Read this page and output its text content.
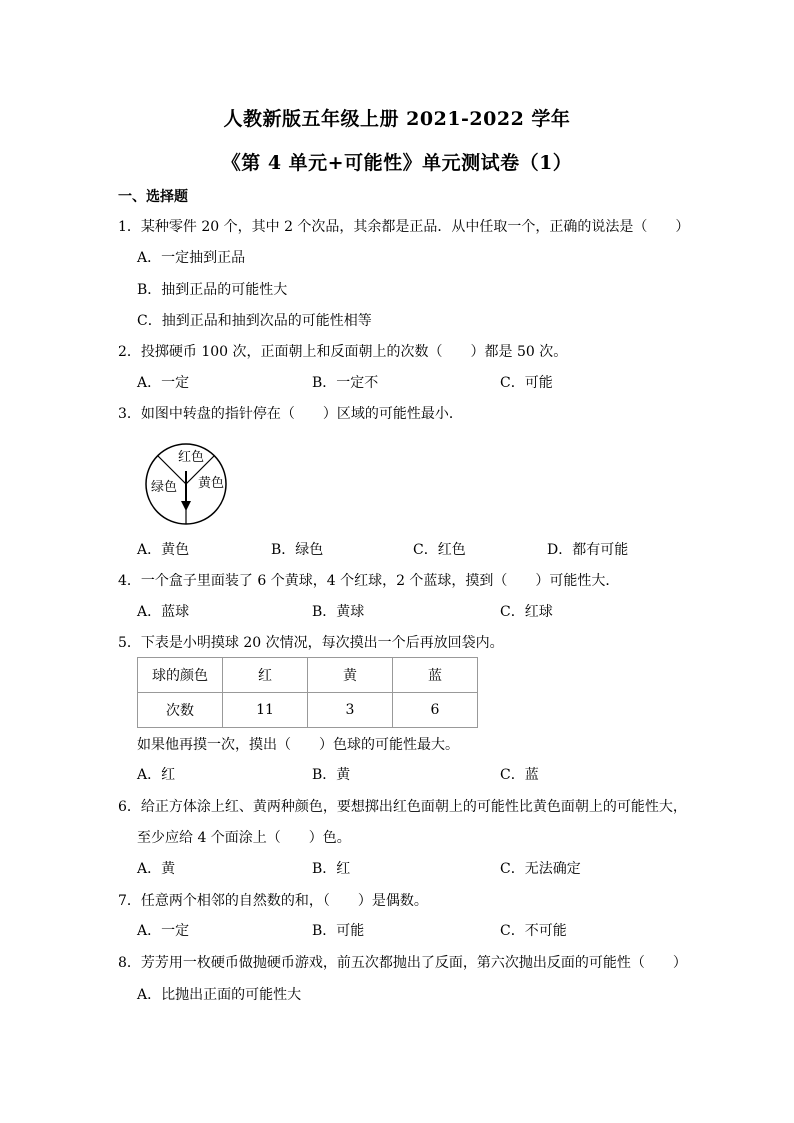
人教新版五年级上册 2021-2022 学年
《第 4 单元+可能性》单元测试卷（1）
一、选择题
1．某种零件 20 个，其中 2 个次品，其余都是正品．从中任取一个，正确的说法是（　　）
A．一定抽到正品
B．抽到正品的可能性大
C．抽到正品和抽到次品的可能性相等
2．投掷硬币 100 次，正面朝上和反面朝上的次数（　　）都是 50 次。
A．一定	B．一定不	C．可能
3．如图中转盘的指针停在（　　）区域的可能性最小．
红色
绿色 黄色
A．黄色	B．绿色	C．红色	D．都有可能
4．一个盒子里面装了 6 个黄球，4 个红球，2 个蓝球，摸到（　　）可能性大．
A．蓝球	B．黄球	C．红球
5．下表是小明摸球 20 次情况，每次摸出一个后再放回袋内。
球的颜色	红	黄	蓝
次数	11	3	6
如果他再摸一次，摸出（　　）色球的可能性最大。
A．红	B．黄	C．蓝
6．给正方体涂上红、黄两种颜色，要想掷出红色面朝上的可能性比黄色面朝上的可能性大，
至少应给 4 个面涂上（　　）色。
A．黄	B．红	C．无法确定
7．任意两个相邻的自然数的和，（　　）是偶数。
A．一定	B．可能	C．不可能
8．芳芳用一枚硬币做抛硬币游戏，前五次都抛出了反面，第六次抛出反面的可能性（　　）
A．比抛出正面的可能性大
